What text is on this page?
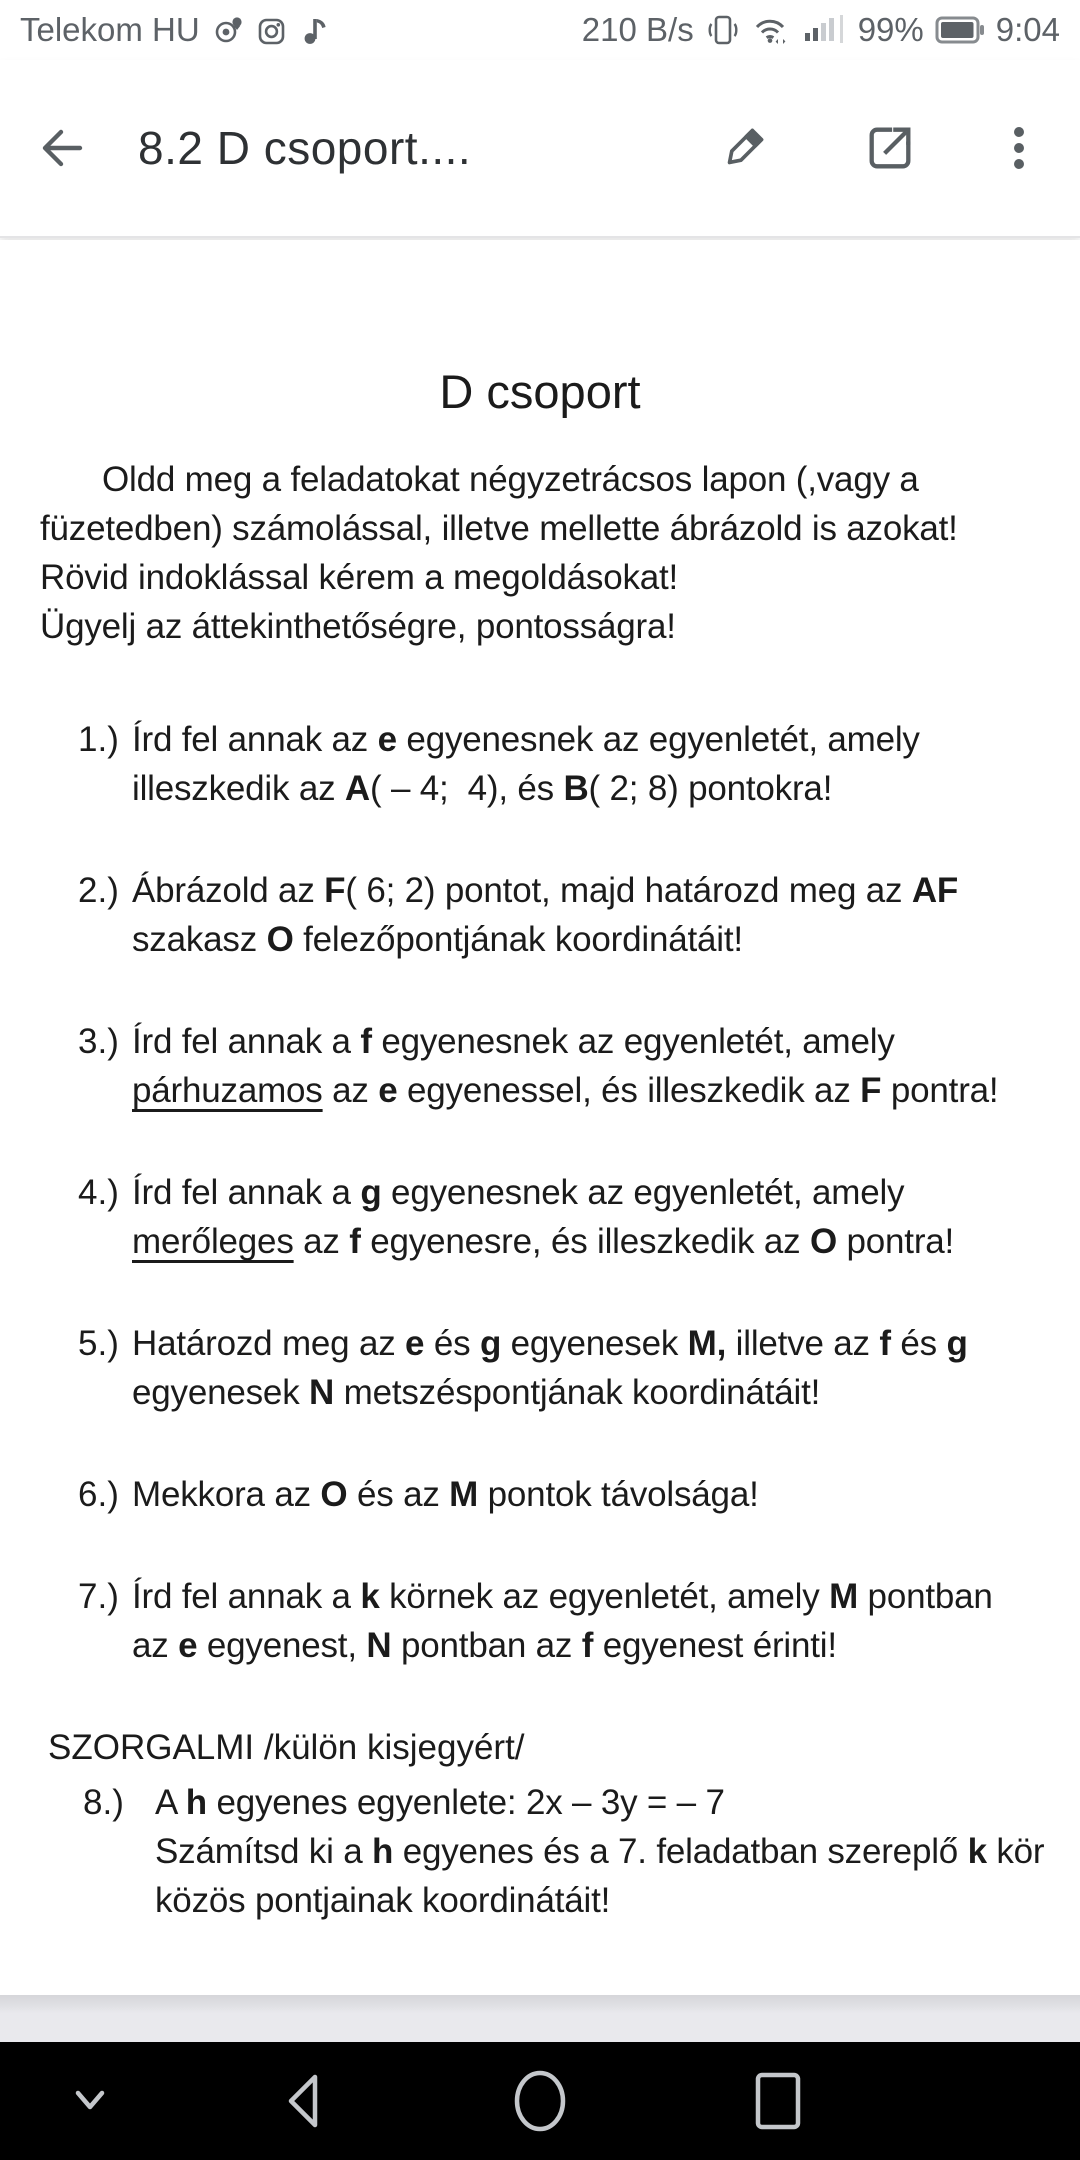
Telekom HU	210 B/s	99% 9:04
8.2 D csoport....
D csoport
Oldd meg a feladatokat négyzetrácsos lapon (,vagy a
füzetedben) számolással, illetve mellette ábrázold is azokat!
Rövid indoklással kérem a megoldásokat!
Ügyelj az áttekinthetőségre, pontosságra!
1.) Írd fel annak az e egyenesnek az egyenletét, amely
illeszkedik az A( – 4;  4), és B( 2; 8) pontokra!
2.) Ábrázold az F( 6; 2) pontot, majd határozd meg az AF
szakasz O felezőpontjának koordinátáit!
3.) Írd fel annak a f egyenesnek az egyenletét, amely
párhuzamos az e egyenessel, és illeszkedik az F pontra!
4.) Írd fel annak a g egyenesnek az egyenletét, amely
merőleges az f egyenesre, és illeszkedik az O pontra!
5.) Határozd meg az e és g egyenesek M, illetve az f és g
egyenesek N metszéspontjának koordinátáit!
6.) Mekkora az O és az M pontok távolsága!
7.) Írd fel annak a k körnek az egyenletét, amely M pontban
az e egyenest, N pontban az f egyenest érinti!
SZORGALMI /külön kisjegyért/
8.) A h egyenes egyenlete: 2x – 3y = – 7
Számítsd ki a h egyenes és a 7. feladatban szereplő k kör
közös pontjainak koordinátáit!
